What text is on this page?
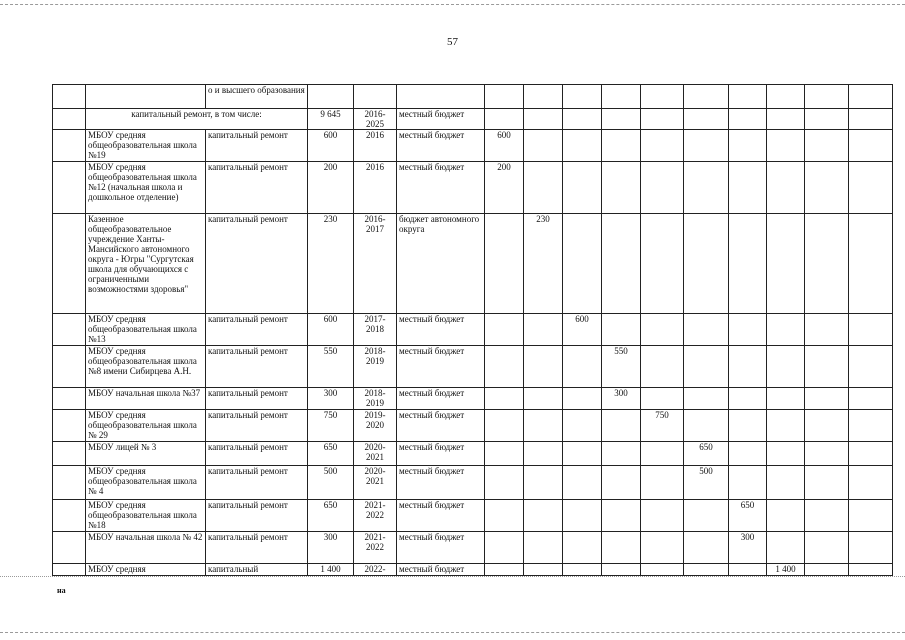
57
		о и высшего образования													
	капитальный ремонт, в том числе:		9 645	2016-2025	местный бюджет										
	МБОУ средняя общеобразовательная школа №19	капитальный ремонт	600	2016	местный бюджет	600									
	МБОУ средняя общеобразовательная школа №12 (начальная школа и дошкольное отделение)	капитальный ремонт	200	2016	местный бюджет	200									
	Казенное общеобразовательное учреждение Ханты-Мансийского автономного округа - Югры "Сургутская школа для обучающихся с ограниченными возможностями здоровья"	капитальный ремонт	230	2016-2017	бюджет автономного округа		230								
	МБОУ средняя общеобразовательная школа №13	капитальный ремонт	600	2017-2018	местный бюджет			600							
	МБОУ средняя общеобразовательная школа №8 имени Сибирцева А.Н.	капитальный ремонт	550	2018-2019	местный бюджет				550						
	МБОУ начальная школа №37	капитальный ремонт	300	2018-2019	местный бюджет				300						
	МБОУ средняя общеобразовательная школа № 29	капитальный ремонт	750	2019-2020	местный бюджет					750					
	МБОУ лицей № 3	капитальный ремонт	650	2020-2021	местный бюджет						650				
	МБОУ средняя общеобразовательная школа № 4	капитальный ремонт	500	2020-2021	местный бюджет						500				
	МБОУ средняя общеобразовательная школа №18	капитальный ремонт	650	2021-2022	местный бюджет							650			
	МБОУ начальная школа № 42	капитальный ремонт	300	2021-2022	местный бюджет							300			
	МБОУ средняя	капитальный	1 400	2022-	местный бюджет								1 400		
на
